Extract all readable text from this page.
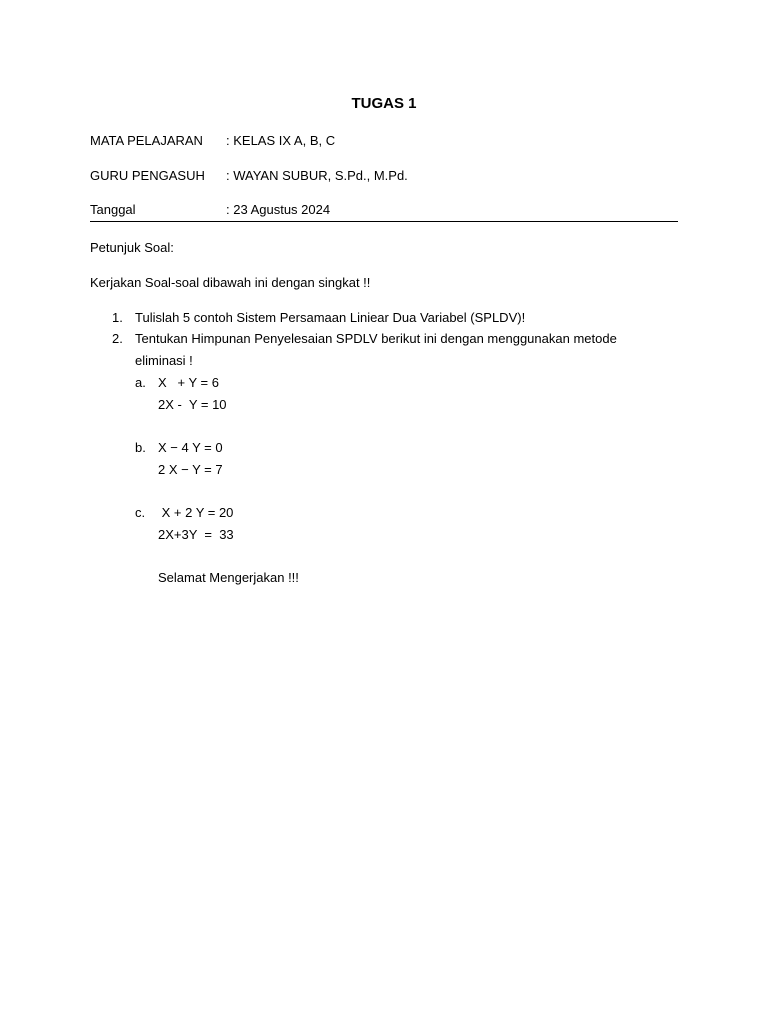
TUGAS 1
MATA PELAJARAN : KELAS IX A, B, C
GURU PENGASUH : WAYAN SUBUR, S.Pd., M.Pd.
Tanggal	: 23 Agustus 2024
Petunjuk Soal:
Kerjakan Soal-soal dibawah ini dengan singkat !!
1. Tulislah 5 contoh Sistem Persamaan Liniear Dua Variabel (SPLDV)!
2. Tentukan Himpunan Penyelesaian SPDLV berikut ini dengan menggunakan metode
eliminasi !
a. X   + Y = 6
2X -  Y = 10
b. X − 4 Y = 0
2 X − Y = 7
c. X + 2 Y = 20
2X+3Y  =  33
Selamat Mengerjakan !!!
